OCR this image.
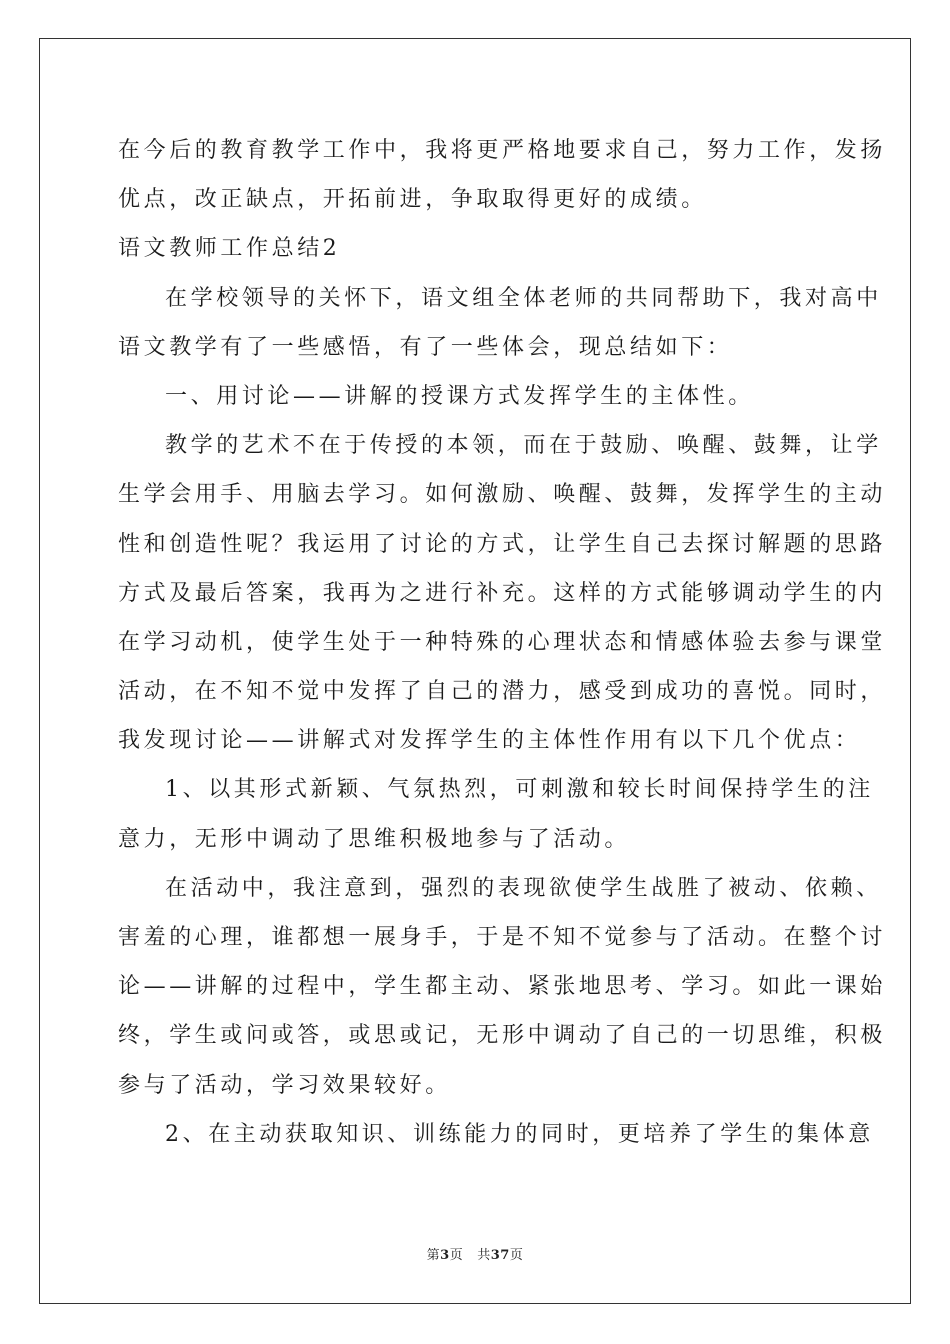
在今后的教育教学工作中，我将更严格地要求自己，努力工作，发扬
优点，改正缺点，开拓前进，争取取得更好的成绩。
语文教师工作总结2
在学校领导的关怀下，语文组全体老师的共同帮助下，我对高中
语文教学有了一些感悟，有了一些体会，现总结如下：
一、用讨论——讲解的授课方式发挥学生的主体性。
教学的艺术不在于传授的本领，而在于鼓励、唤醒、鼓舞，让学
生学会用手、用脑去学习。如何激励、唤醒、鼓舞，发挥学生的主动
性和创造性呢？我运用了讨论的方式，让学生自己去探讨解题的思路
方式及最后答案，我再为之进行补充。这样的方式能够调动学生的内
在学习动机，使学生处于一种特殊的心理状态和情感体验去参与课堂
活动，在不知不觉中发挥了自己的潜力，感受到成功的喜悦。同时，
我发现讨论——讲解式对发挥学生的主体性作用有以下几个优点：
1、以其形式新颖、气氛热烈，可刺激和较长时间保持学生的注
意力，无形中调动了思维积极地参与了活动。
在活动中，我注意到，强烈的表现欲使学生战胜了被动、依赖、
害羞的心理，谁都想一展身手，于是不知不觉参与了活动。在整个讨
论——讲解的过程中，学生都主动、紧张地思考、学习。如此一课始
终，学生或问或答，或思或记，无形中调动了自己的一切思维，积极
参与了活动，学习效果较好。
2、在主动获取知识、训练能力的同时，更培养了学生的集体意
第3页 共37页
